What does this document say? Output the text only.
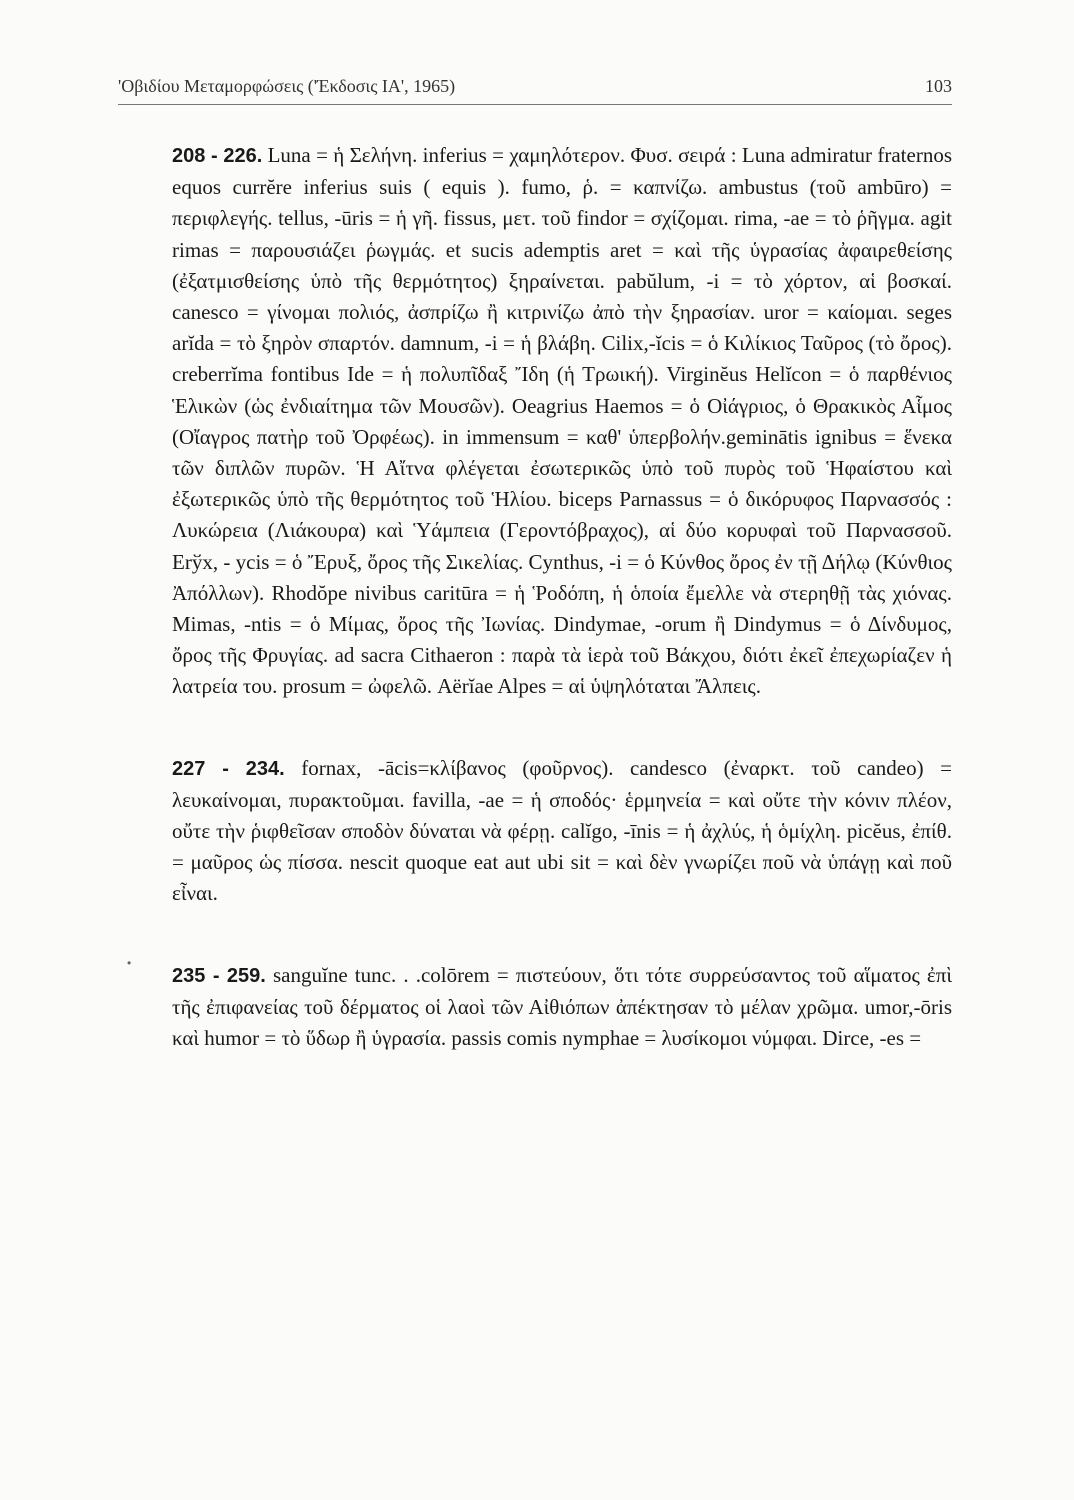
'Οβιδίου Μεταμορφώσεις ('Έκδοσις ΙΑ', 1965)	103
•

208 - 226. Luna = ἡ Σελήνη. inferius = χαμηλότερον. Φυσ. σειρά : Luna admiratur fraternos equos currĕre inferius suis ( equis ). fumo, ῥ. = καπνίζω. ambustus (τοῦ ambūro) = περιφλεγής. tellus, -ūris = ἡ γῆ. fissus, μετ. τοῦ findor = σχίζομαι. rima, -ae = τὸ ῥῆγμα. agit rimas = παρουσιάζει ῥωγμάς. et sucis ademptis aret = καὶ τῆς ὑγρασίας ἀφαιρεθείσης (ἐξατμισθείσης ὑπὸ τῆς θερμότητος) ξηραίνεται. pabŭlum, -i = τὸ χόρτον, αἱ βοσκαί. canesco = γίνομαι πολιός, ἀσπρίζω ἢ κιτρινίζω ἀπὸ τὴν ξηρασίαν. uror = καίομαι. seges arĭda = τὸ ξηρὸν σπαρτόν. damnum, -i = ἡ βλάβη. Cilix,-ĭcis = ὁ Κιλίκιος Ταῦρος (τὸ ὄρος). creberrĭma fontibus Ide = ἡ πολυπῖδαξ Ἴδη (ἡ Τρωική). Virginĕus Helĭcon = ὁ παρθένιος Ἑλικὼν (ὡς ἐνδιαίτημα τῶν Μουσῶν). Oeagrius Haemos = ὁ Οἰάγριος, ὁ Θρακικὸς Αἷμος (Οἴαγρος πατὴρ τοῦ Ὀρφέως). in immensum = καθ' ὑπερβολήν.geminātis ignibus = ἕνεκα τῶν διπλῶν πυρῶν. Ἡ Αἴτνα φλέγεται ἐσωτερικῶς ὑπὸ τοῦ πυρὸς τοῦ Ἡφαίστου καὶ ἐξωτερικῶς ὑπὸ τῆς θερμότητος τοῦ Ἡλίου. biceps Parnassus = ὁ δικόρυφος Παρνασσός : Λυκώρεια (Λιάκουρα) καὶ Ὑάμπεια (Γεροντόβραχος), αἱ δύο κορυφαὶ τοῦ Παρνασσοῦ. Erўx, - ycis = ὁ Ἔρυξ, ὄρος τῆς Σικελίας. Cynthus, -i = ὁ Κύνθος ὄρος ἐν τῇ Δήλῳ (Κύνθιος Ἀπόλλων). Rhodŏpe nivibus caritūra = ἡ Ῥοδόπη, ἡ ὁποία ἔμελλε νὰ στερηθῇ τὰς χιόνας. Mimas, -ntis = ὁ Μίμας, ὄρος τῆς Ἰωνίας. Dindymae, -orum ἢ Dindymus = ὁ Δίνδυμος, ὄρος τῆς Φρυγίας. ad sacra Cithaeron : παρὰ τὰ ἱερὰ τοῦ Βάκχου, διότι ἐκεῖ ἐπεχωρίαζεν ἡ λατρεία του. prosum = ὠφελῶ. Aërĭae Alpes = αἱ ὑψηλόταται Ἄλπεις.

227 - 234. fornax, -ācis=κλίβανος (φοῦρνος). candesco (ἐναρκτ. τοῦ candeo) = λευκαίνομαι, πυρακτοῦμαι. favilla, -ae = ἡ σποδός· ἑρμηνεία = καὶ οὔτε τὴν κόνιν πλέον, οὔτε τὴν ῥιφθεῖσαν σποδὸν δύναται νὰ φέρῃ. calĭgo, -īnis = ἡ ἀχλύς, ἡ ὁμίχλη. picĕus, ἐπίθ. = μαῦρος ὡς πίσσα. nescit quoque eat aut ubi sit = καὶ δὲν γνωρίζει ποῦ νὰ ὑπάγῃ καὶ ποῦ εἶναι.

235 - 259. sanguĭne tunc. . .colōrem = πιστεύουν, ὅτι τότε συρρεύσαντος τοῦ αἵματος ἐπὶ τῆς ἐπιφανείας τοῦ δέρματος οἱ λαοὶ τῶν Αἰθιόπων ἀπέκτησαν τὸ μέλαν χρῶμα. umor,-ōris καὶ humor = τὸ ὕδωρ ἢ ὑγρασία. passis comis nymphae = λυσίκομοι νύμφαι. Dirce, -es =
